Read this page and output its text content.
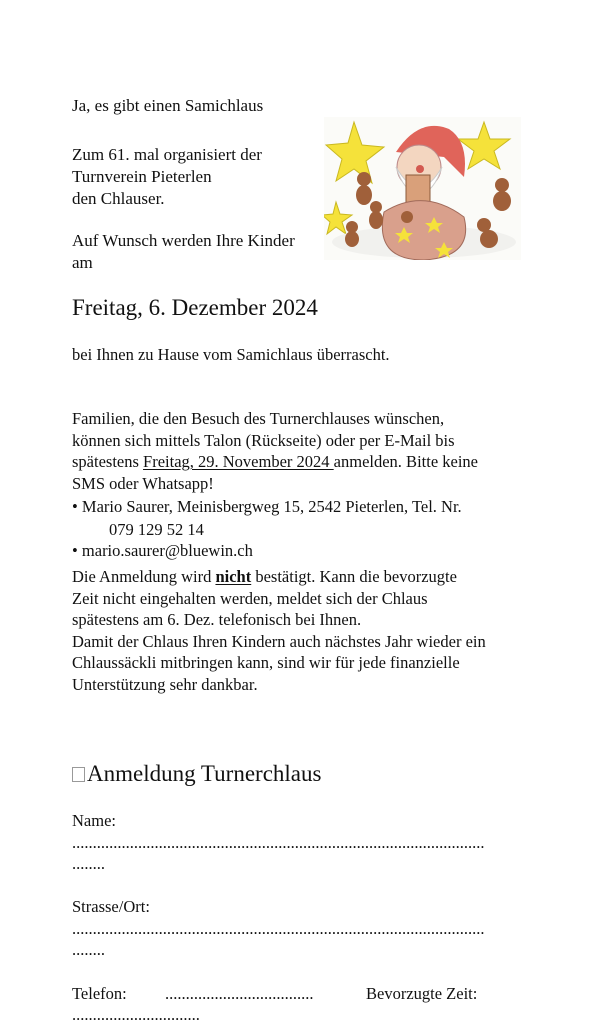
Ja, es gibt einen Samichlaus
Zum 61. mal organisiert der
Turnverein Pieterlen
den Chlauser.
Auf Wunsch werden Ihre Kinder
am
Freitag, 6. Dezember 2024
bei Ihnen zu Hause vom Samichlaus überrascht.
Familien, die den Besuch des Turnerchlauses wünschen,
können sich mittels Talon (Rückseite) oder per E-Mail bis
spätestens Freitag, 29. November 2024 anmelden. Bitte keine
SMS oder Whatsapp!
• Mario Saurer, Meinisbergweg 15, 2542 Pieterlen, Tel. Nr.
079 129 52 14
• mario.saurer@bluewin.ch
Die Anmeldung wird nicht bestätigt. Kann die bevorzugte
Zeit nicht eingehalten werden, meldet sich der Chlaus
spätestens am 6. Dez. telefonisch bei Ihnen.
Damit der Chlaus Ihren Kindern auch nächstes Jahr wieder ein
Chlaussäckli mitbringen kann, sind wir für jede finanzielle
Unterstützung sehr dankbar.
Anmeldung Turnerchlaus
Name:
....................................................................................................
........
Strasse/Ort:
....................................................................................................
........
Telefon: ....................................	Bevorzugte Zeit:
...............................
